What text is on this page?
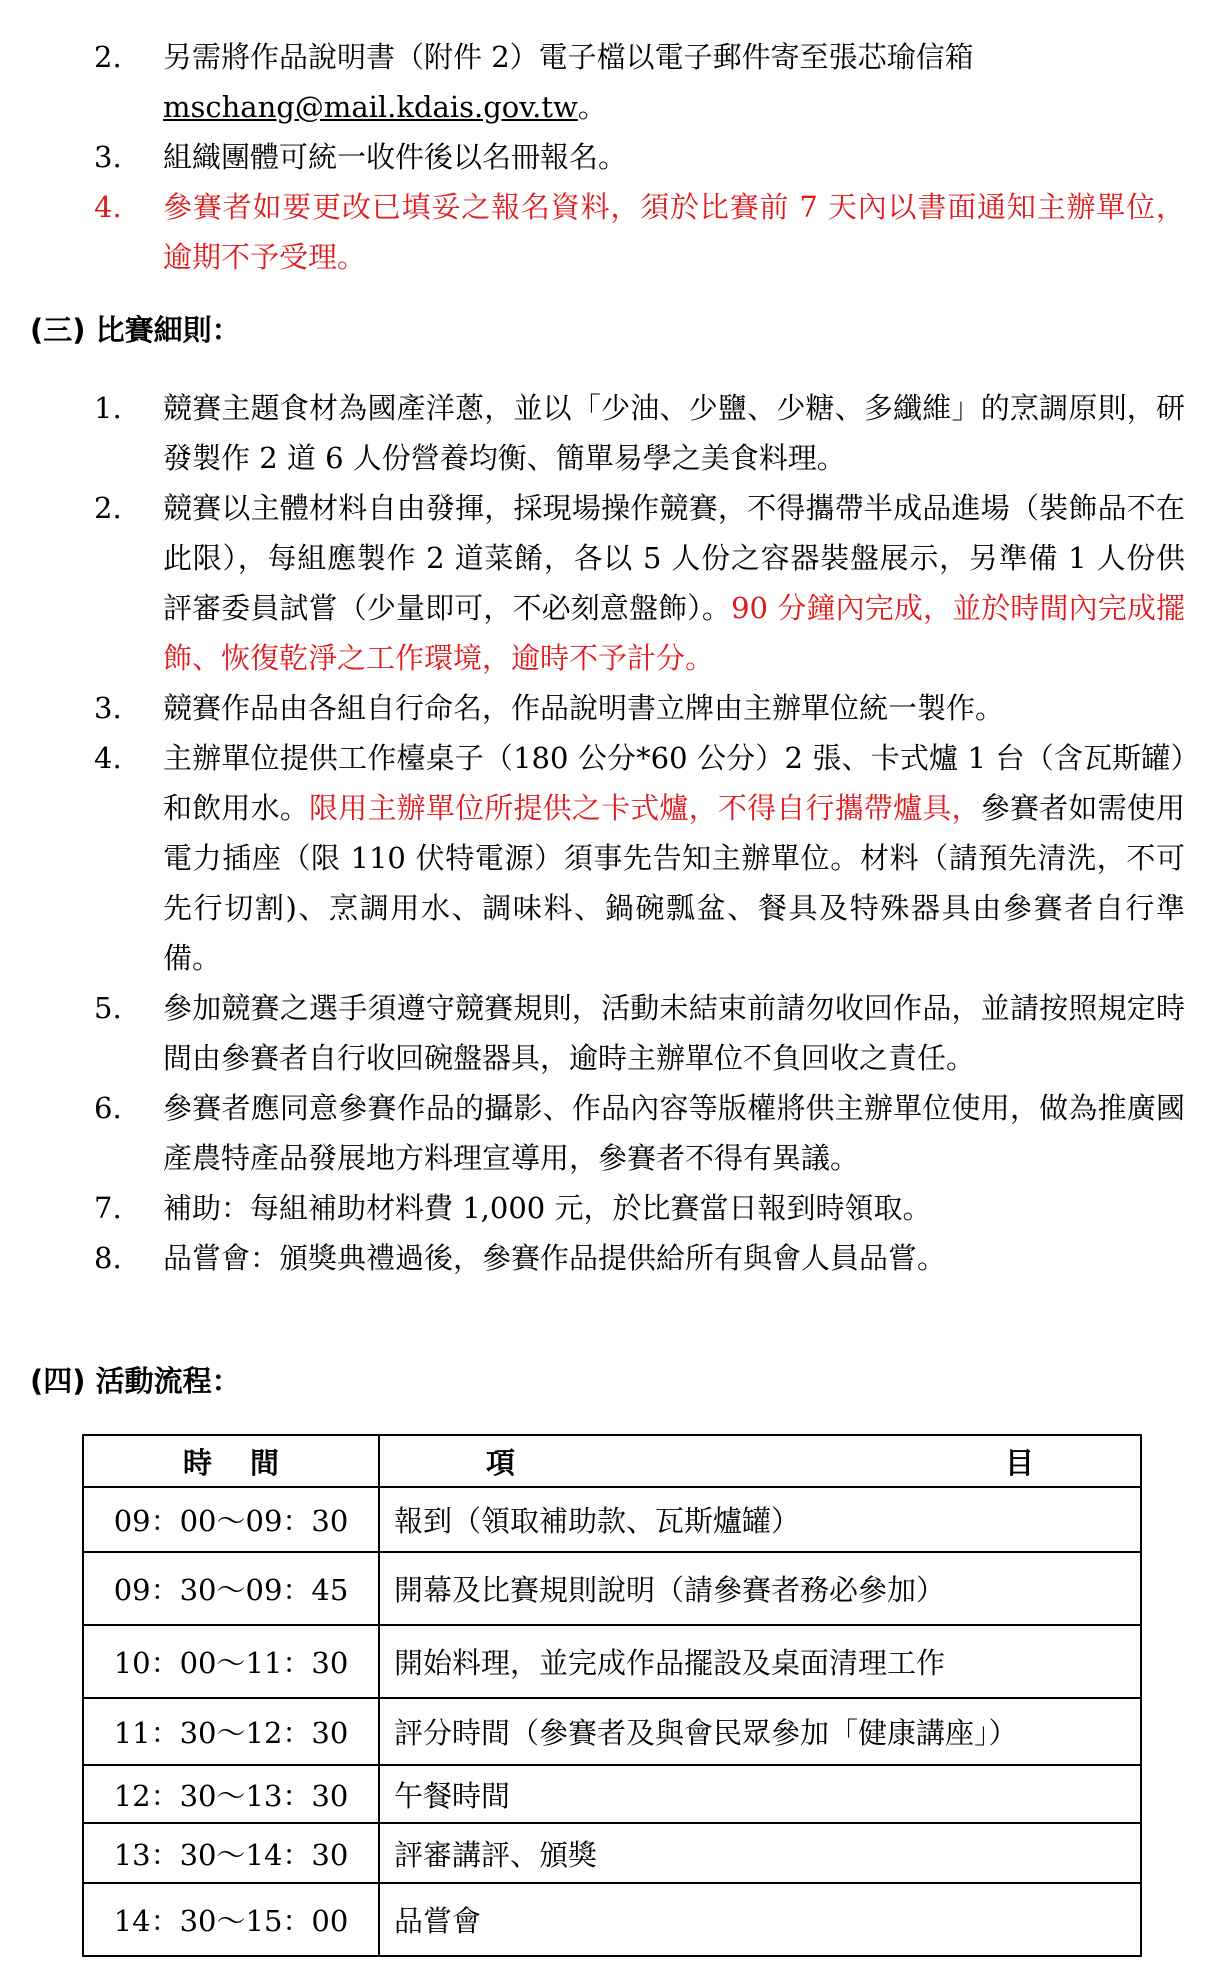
2. 另需將作品說明書（附件 2）電子檔以電子郵件寄至張芯瑜信箱
mschang@mail.kdais.gov.tw。
3. 組織團體可統一收件後以名冊報名。
4. 參賽者如要更改已填妥之報名資料，須於比賽前 7 天內以書面通知主辦單位，逾期不予受理。
(三) 比賽細則：
1. 競賽主題食材為國產洋蔥，並以「少油、少鹽、少糖、多纖維」的烹調原則，研發製作 2 道 6 人份營養均衡、簡單易學之美食料理。
2. 競賽以主體材料自由發揮，採現場操作競賽，不得攜帶半成品進場（裝飾品不在此限），每組應製作 2 道菜餚，各以 5 人份之容器裝盤展示，另準備 1 人份供評審委員試嘗（少量即可，不必刻意盤飾）。90 分鐘內完成，並於時間內完成擺飾、恢復乾淨之工作環境，逾時不予計分。
3. 競賽作品由各組自行命名，作品說明書立牌由主辦單位統一製作。
4. 主辦單位提供工作檯桌子（180 公分*60 公分）2 張、卡式爐 1 台（含瓦斯罐）和飲用水。限用主辦單位所提供之卡式爐，不得自行攜帶爐具，參賽者如需使用電力插座（限 110 伏特電源）須事先告知主辦單位。材料（請預先清洗，不可先行切割)、烹調用水、調味料、鍋碗瓢盆、餐具及特殊器具由參賽者自行準備。
5. 參加競賽之選手須遵守競賽規則，活動未結束前請勿收回作品，並請按照規定時間由參賽者自行收回碗盤器具，逾時主辦單位不負回收之責任。
6. 參賽者應同意參賽作品的攝影、作品內容等版權將供主辦單位使用，做為推廣國產農特產品發展地方料理宣導用，參賽者不得有異議。
7. 補助：每組補助材料費 1,000 元，於比賽當日報到時領取。
8. 品嘗會：頒獎典禮過後，參賽作品提供給所有與會人員品嘗。
(四) 活動流程：
時間	項 目
09：00～09：30	報到（領取補助款、瓦斯爐罐）
09：30～09：45	開幕及比賽規則說明（請參賽者務必參加）
10：00～11：30	開始料理，並完成作品擺設及桌面清理工作
11：30～12：30	評分時間（參賽者及與會民眾參加「健康講座」）
12：30～13：30	午餐時間
13：30～14：30	評審講評、頒獎
14：30～15：00	品嘗會
